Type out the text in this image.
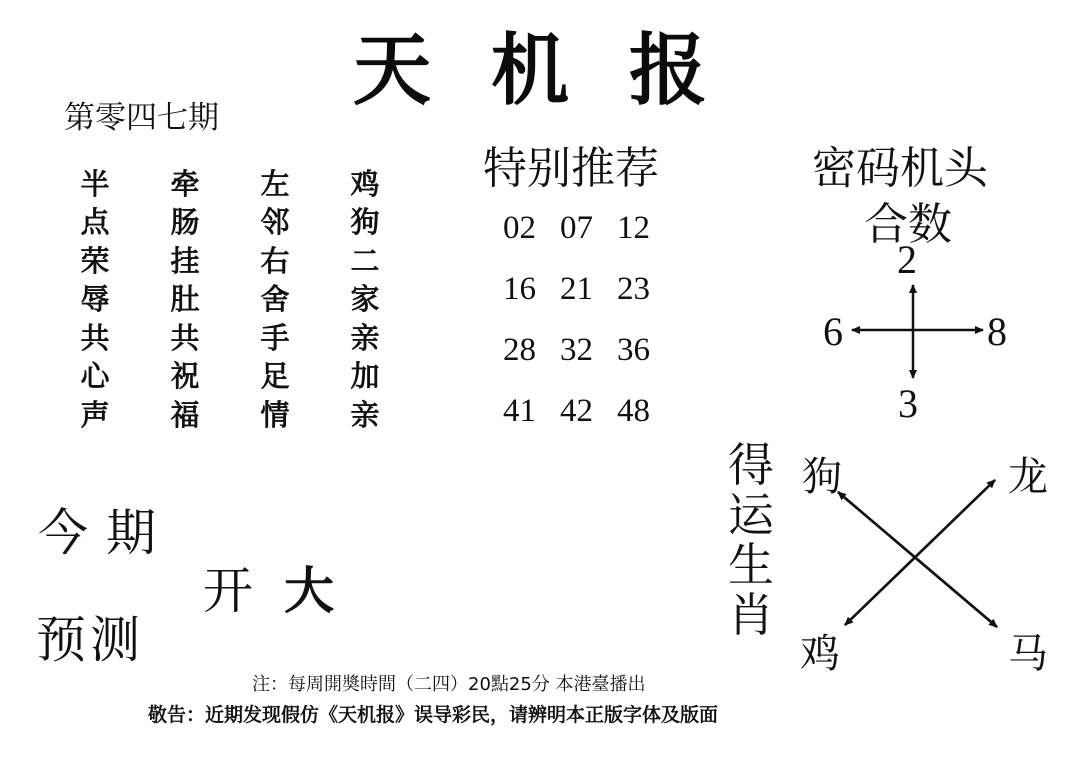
天机报
第零四七期
半	牵	左	鸡
点	肠	邻	狗
荣	挂	右	二
辱	肚	舍	家
共	共	手	亲
心	祝	足	加
声	福	情	亲
特别推荐
02 07 12
16 21 23
28 32 36
41 42 48
密码机头
合数
2
6	8
3
今期
开 大
预测
得运生肖
狗	龙
鸡	马
注：每周開奬時間（二四）20點25分 本港臺播出
敬告：近期发现假仿《天机报》误导彩民，请辨明本正版字体及版面
